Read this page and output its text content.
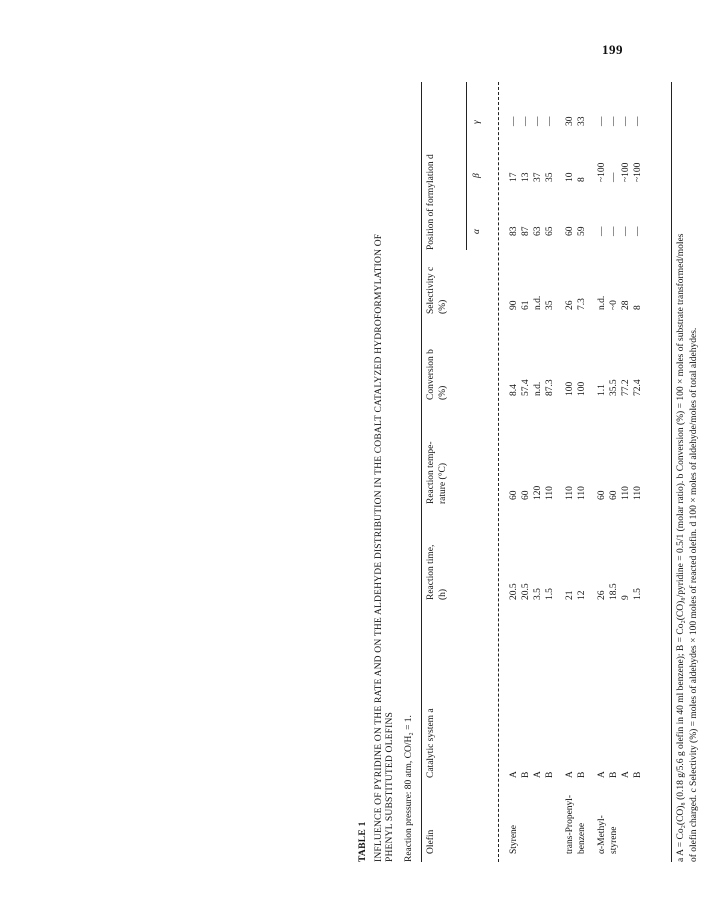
199
TABLE 1 INFLUENCE OF PYRIDINE ON THE RATE AND ON THE ALDEHYDE DISTRIBUTION IN THE COBALT CATALYZED HYDROFORMYLATION OF PHENYL SUBSTITUTED OLEFINS Reaction pressure: 80 atm, CO/H₂ = 1. Olefin
Catalytic system a
Reaction time, (h)
Reaction tempe- rature (°C)
Conversion b (%)
Selectivity c (%)
Position of formylation d	α
β
γ
Styrene
A
20.5
60
8.4
90
83
17
—
B
20.5
60
57.4
61
87
13
—
A
3.5
120
n.d.
n.d.
63
37
—
B
1.5
110
87.3
35
65
35
—
trans-Propenyl-
A
21
110
100
26
60
10
30
benzene
B
12
110
100
7.3
59
8
33
α-Methyl-
A
26
60
1.1
n.d.
—
~100
—
styrene
B
18.5
60
35.5
~0
—
—
—
A
9
110
77.2
28
—
~100
—
B
1.5
110
72.4
8
—
~100
—
a A = Co₂(CO)₈ (0.18 g/5.6 g olefin in 40 ml benzene); B = Co₂(CO)₈/pyridine = 0.5/1 (molar ratio). b Conversion (%) = 100 × moles of substrate transformed/moles of olefin charged. c Selectivity (%) = moles of aldehydes × 100 moles of reacted olefin. d 100 × moles of aldehyde/moles of total aldehydes.
